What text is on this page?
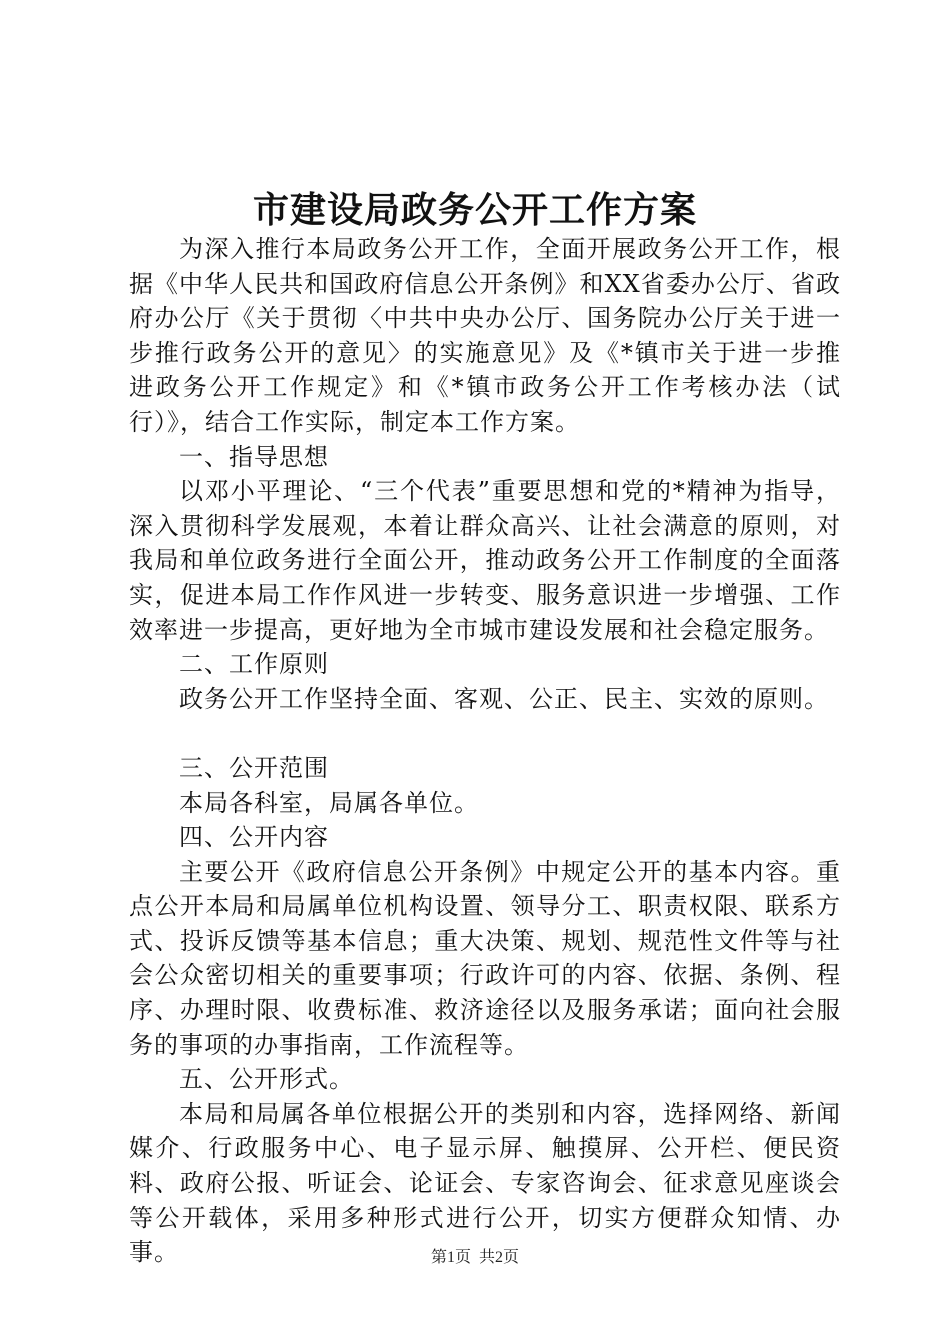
市建设局政务公开工作方案

为深入推行本局政务公开工作，全面开展政务公开工作，根据《中华人民共和国政府信息公开条例》和XX省委办公厅、省政府办公厅《关于贯彻〈中共中央办公厅、国务院办公厅关于进一步推行政务公开的意见〉的实施意见》及《*镇市关于进一步推进政务公开工作规定》和《*镇市政务公开工作考核办法（试行）》，结合工作实际，制定本工作方案。

一、指导思想

以邓小平理论、“三个代表”重要思想和党的*精神为指导，深入贯彻科学发展观，本着让群众高兴、让社会满意的原则，对我局和单位政务进行全面公开，推动政务公开工作制度的全面落实，促进本局工作作风进一步转变、服务意识进一步增强、工作效率进一步提高，更好地为全市城市建设发展和社会稳定服务。

二、工作原则

政务公开工作坚持全面、客观、公正、民主、实效的原则。

三、公开范围

本局各科室，局属各单位。

四、公开内容

主要公开《政府信息公开条例》中规定公开的基本内容。重点公开本局和局属单位机构设置、领导分工、职责权限、联系方式、投诉反馈等基本信息；重大决策、规划、规范性文件等与社会公众密切相关的重要事项；行政许可的内容、依据、条例、程序、办理时限、收费标准、救济途径以及服务承诺；面向社会服务的事项的办事指南，工作流程等。

五、公开形式。

本局和局属各单位根据公开的类别和内容，选择网络、新闻媒介、行政服务中心、电子显示屏、触摸屏、公开栏、便民资料、政府公报、听证会、论证会、专家咨询会、征求意见座谈会等公开载体，采用多种形式进行公开，切实方便群众知情、办事。	第1页  共2页
